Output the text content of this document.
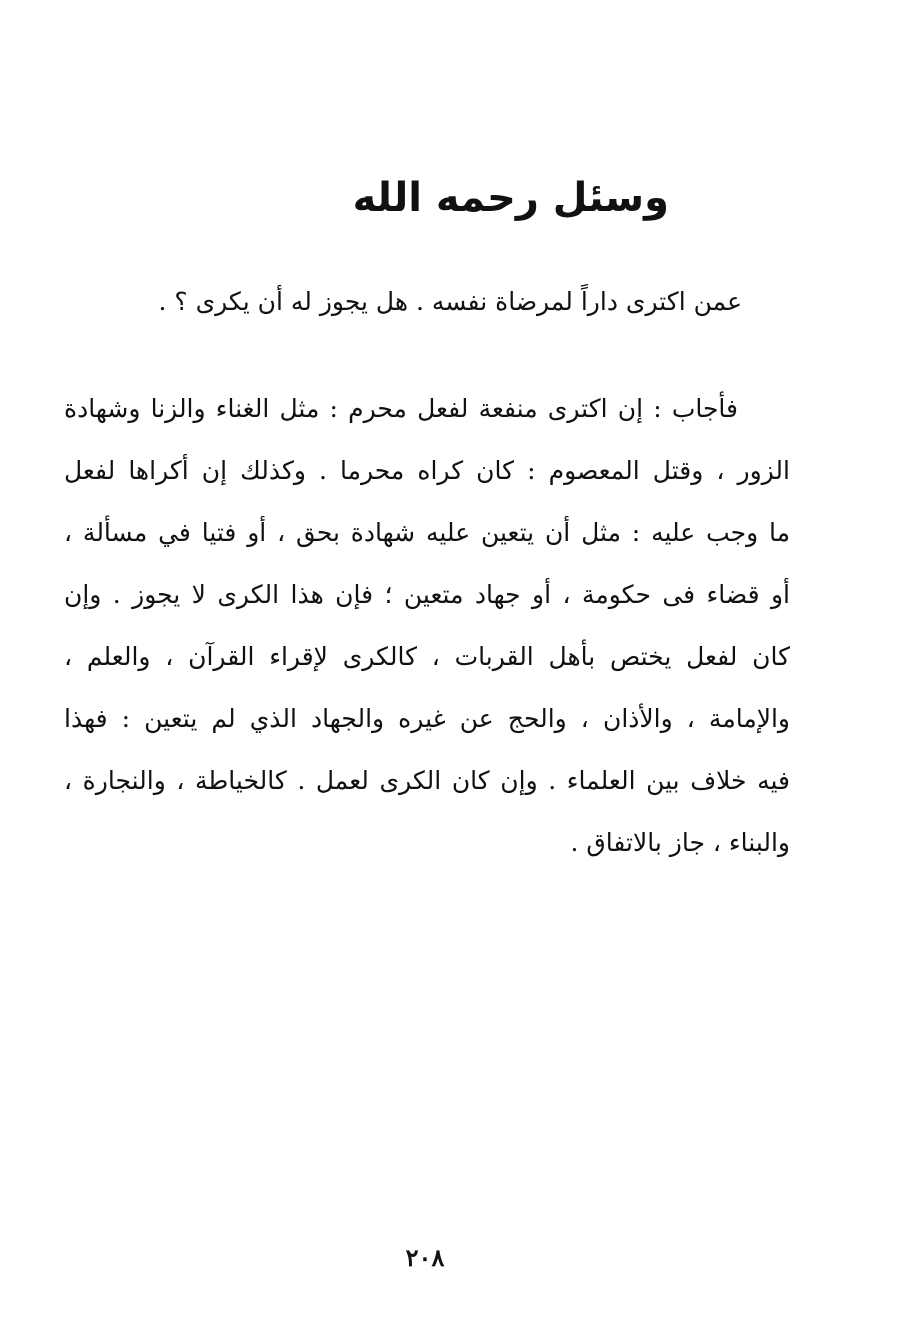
وسئل رحمه الله
عمن اكترى داراً لمرضاة نفسه . هل يجوز له أن يكرى ؟ .
فأجاب : إن اكترى منفعة لفعل محرم : مثل الغناء والزنا وشهادة
الزور ، وقتل المعصوم : كان كراه محرما . وكذلك إن أكراها لفعل
ما وجب عليه : مثل أن يتعين عليه شهادة بحق ، أو فتيا في مسألة ،
أو قضاء فى حكومة ، أو جهاد متعين ؛ فإن هذا الكرى لا يجوز . وإن
كان لفعل يختص بأهل القربات ، كالكرى لإقراء القرآن ، والعلم ،
والإمامة ، والأذان ، والحج عن غيره والجهاد الذي لم يتعين : فهذا
فيه خلاف بين العلماء . وإن كان الكرى لعمل . كالخياطة ، والنجارة ،
والبناء ، جاز بالاتفاق .
٢٠٨
